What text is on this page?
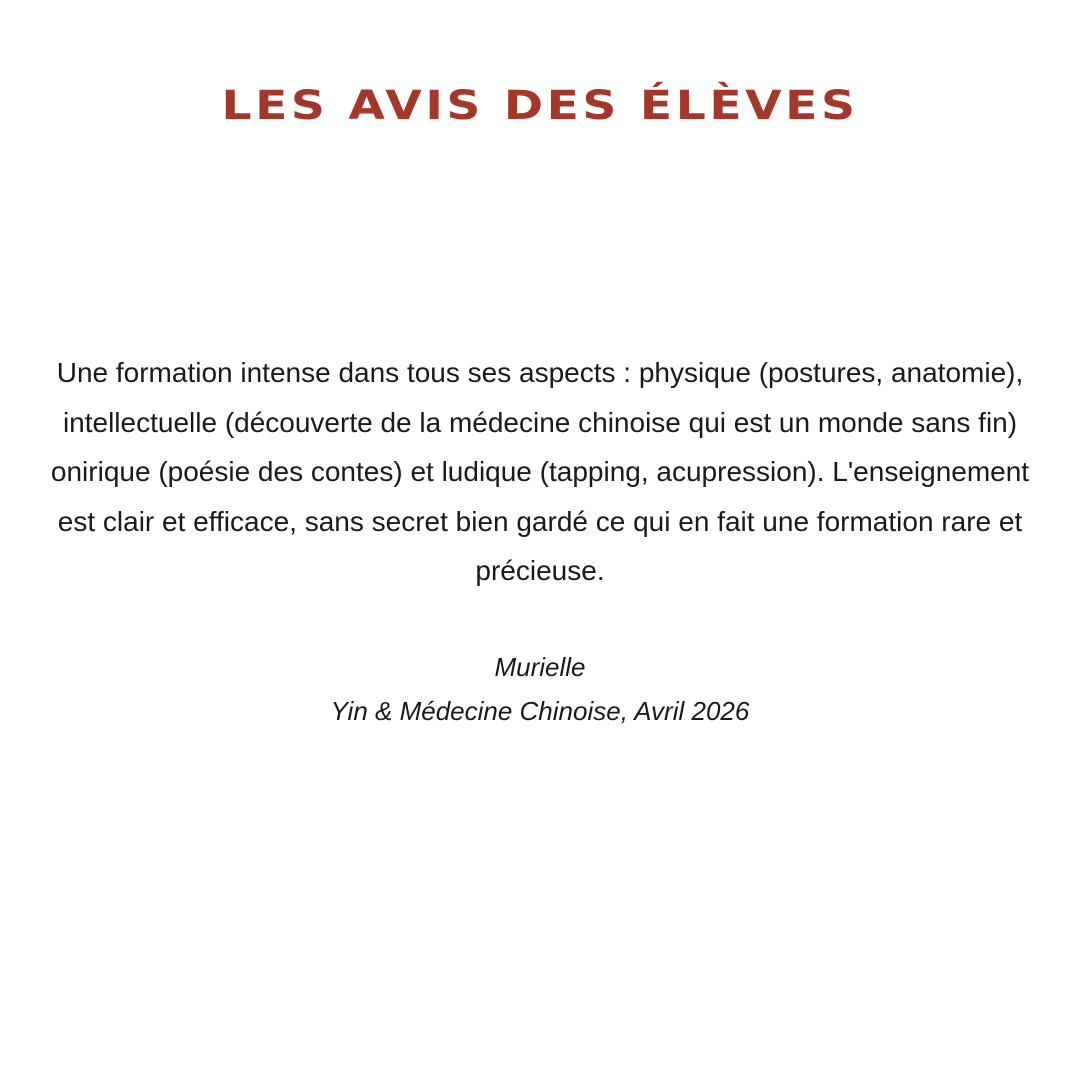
LES AVIS DES ÉLÈVES

Une formation intense dans tous ses aspects : physique (postures, anatomie), intellectuelle (découverte de la médecine chinoise qui est un monde sans fin) onirique (poésie des contes) et ludique (tapping, acupression). L'enseignement est clair et efficace, sans secret bien gardé ce qui en fait une formation rare et précieuse.

Murielle
Yin & Médecine Chinoise, Avril 2026
